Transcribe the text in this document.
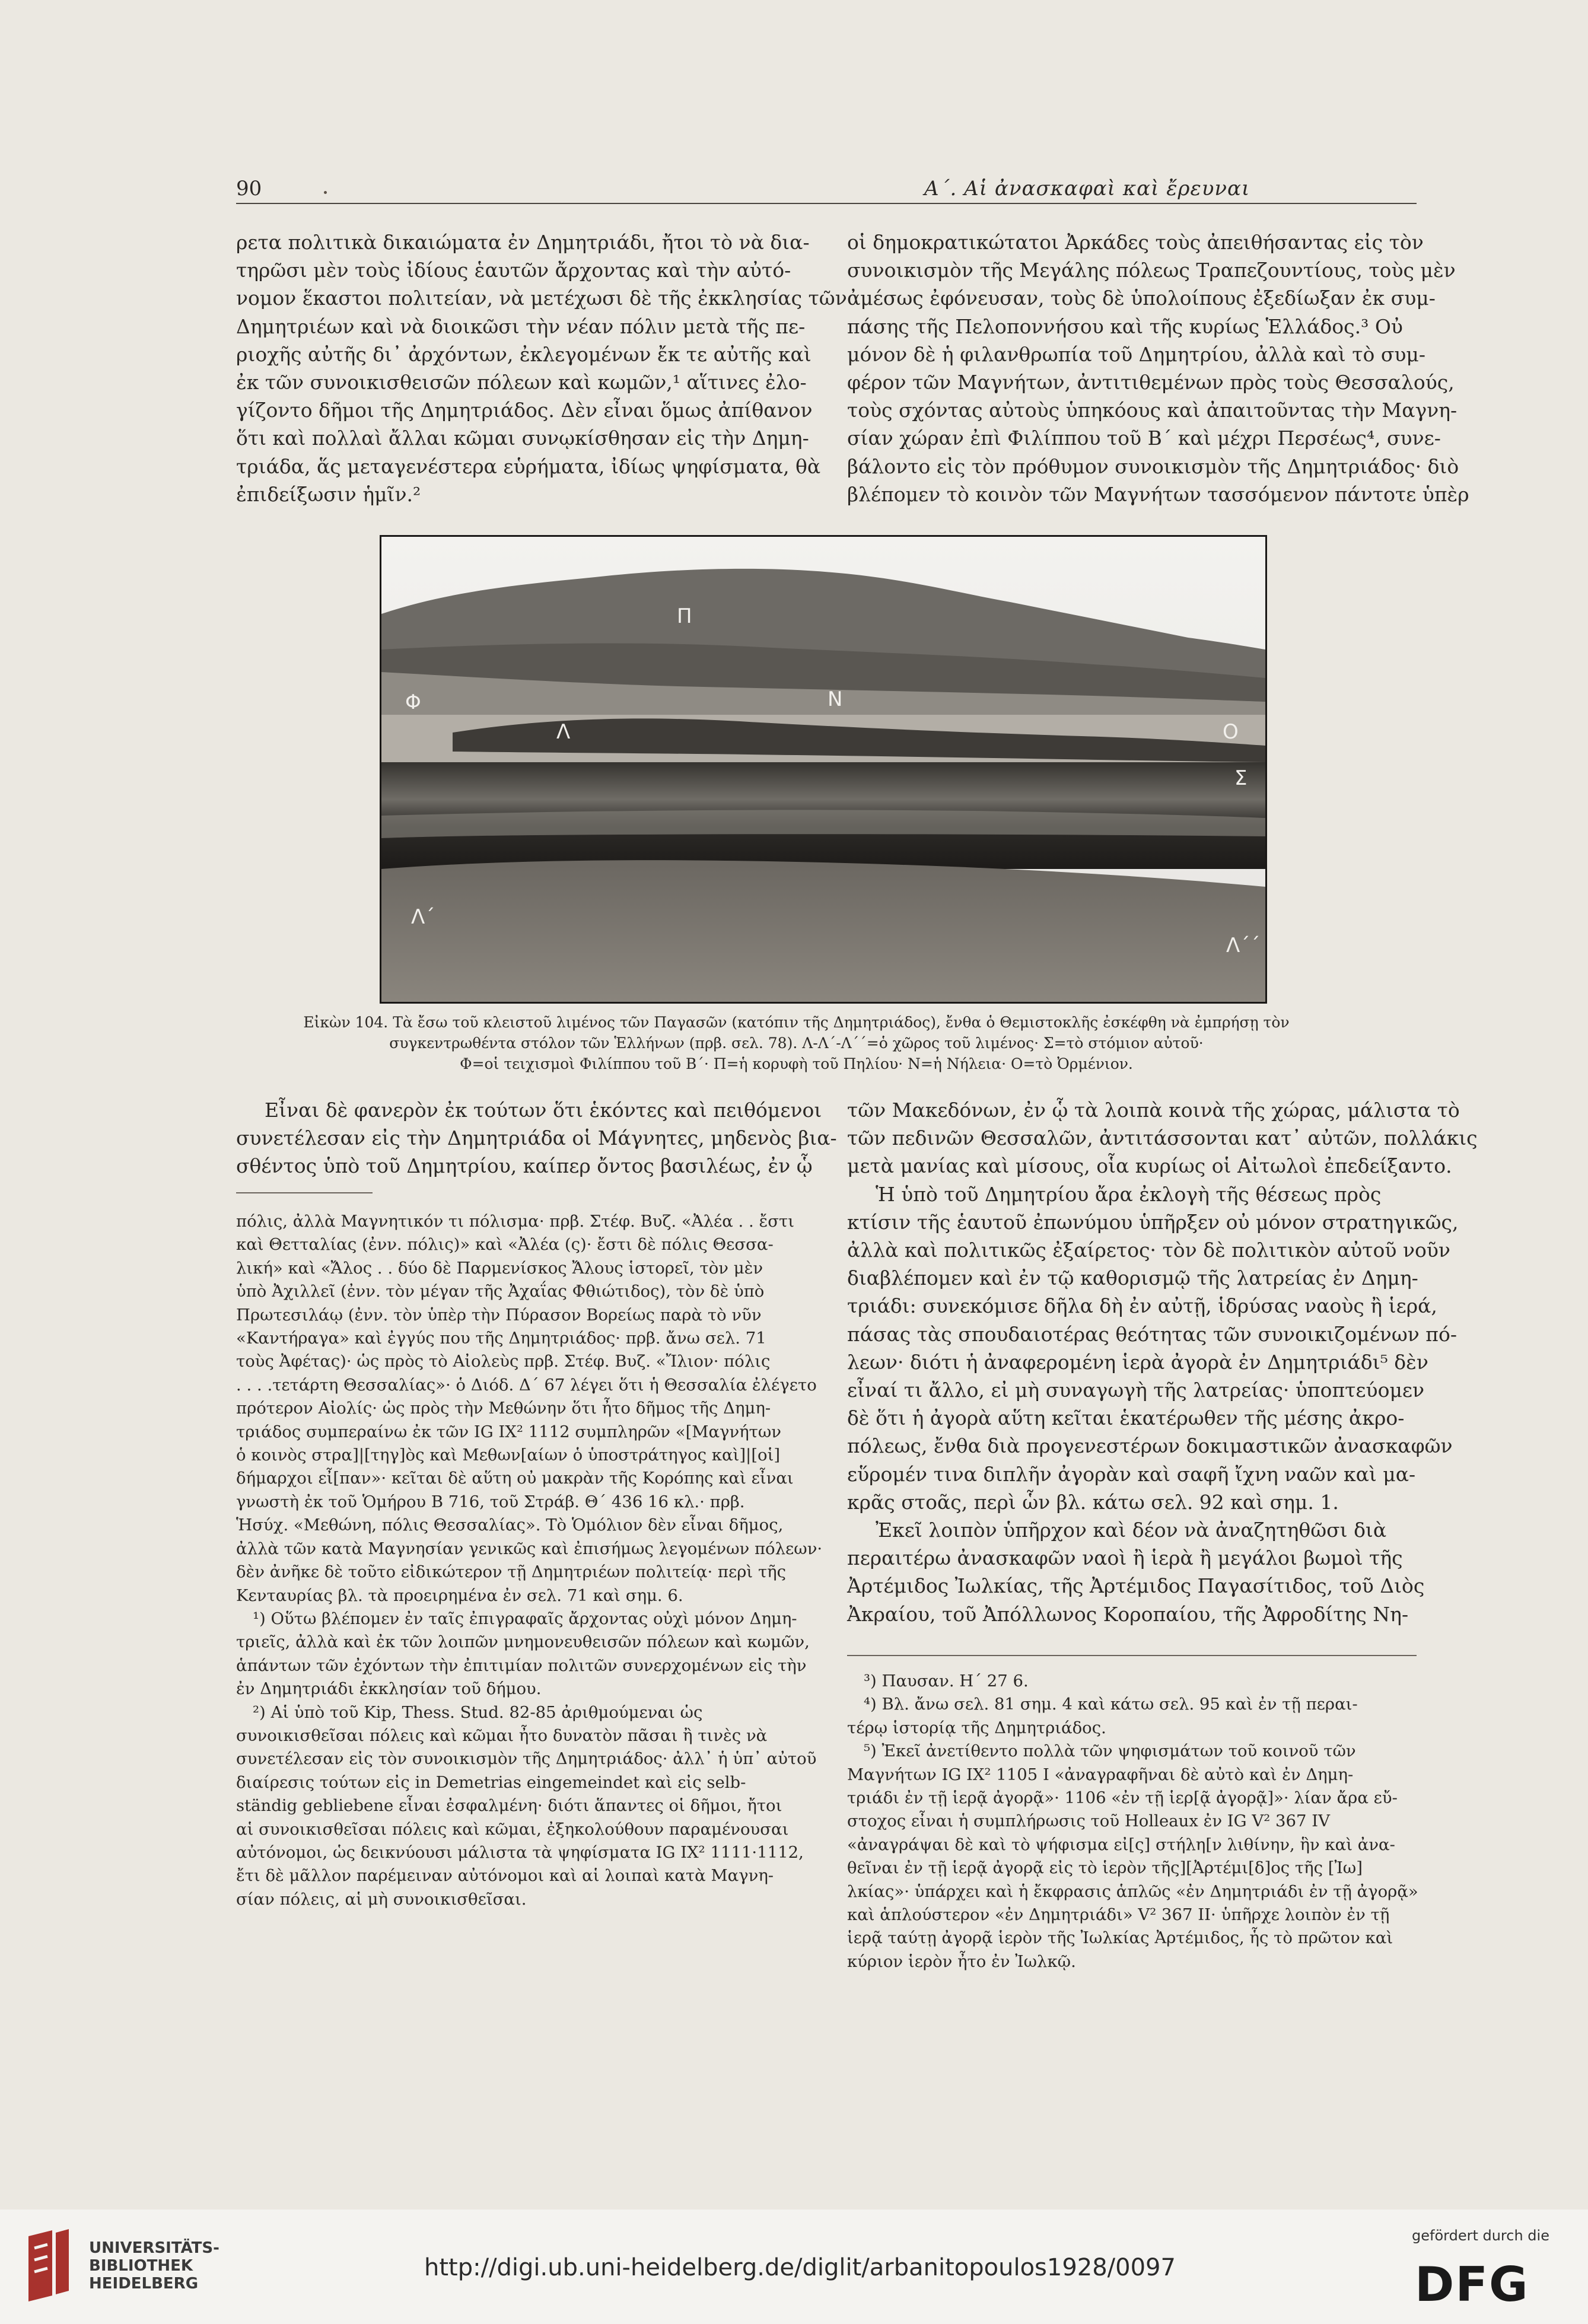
90	Α΄. Αἱ ἀνασκαφαὶ καὶ ἔρευναι

ρετα πολιτικὰ δικαιώματα ἐν Δημητριάδι, ἤτοι τὸ νὰ δια-
τηρῶσι μὲν τοὺς ἰδίους ἑαυτῶν ἄρχοντας καὶ τὴν αὐτό-
νομον ἕκαστοι πολιτείαν, νὰ μετέχωσι δὲ τῆς ἐκκλησίας τῶν
Δημητριέων καὶ νὰ διοικῶσι τὴν νέαν πόλιν μετὰ τῆς πε-
ριοχῆς αὐτῆς δι᾽ ἀρχόντων, ἐκλεγομένων ἔκ τε αὐτῆς καὶ
ἐκ τῶν συνοικισθεισῶν πόλεων καὶ κωμῶν,¹ αἵτινες ἐλο-
γίζοντο δῆμοι τῆς Δημητριάδος. Δὲν εἶναι ὅμως ἀπίθανον
ὅτι καὶ πολλαὶ ἄλλαι κῶμαι συνῳκίσθησαν εἰς τὴν Δημη-
τριάδα, ἅς μεταγενέστερα εὑρήματα, ἰδίως ψηφίσματα, θὰ
ἐπιδείξωσιν ἡμῖν.²

οἱ δημοκρατικώτατοι Ἀρκάδες τοὺς ἀπειθήσαντας εἰς τὸν
συνοικισμὸν τῆς Μεγάλης πόλεως Τραπεζουντίους, τοὺς μὲν
ἀμέσως ἐφόνευσαν, τοὺς δὲ ὑπολοίπους ἐξεδίωξαν ἐκ συμ-
πάσης τῆς Πελοποννήσου καὶ τῆς κυρίως Ἑλλάδος.³ Οὐ
μόνον δὲ ἡ φιλανθρωπία τοῦ Δημητρίου, ἀλλὰ καὶ τὸ συμ-
φέρον τῶν Μαγνήτων, ἀντιτιθεμένων πρὸς τοὺς Θεσσαλούς,
τοὺς σχόντας αὐτοὺς ὑπηκόους καὶ ἀπαιτοῦντας τὴν Μαγνη-
σίαν χώραν ἐπὶ Φιλίππου τοῦ Β΄ καὶ μέχρι Περσέως⁴, συνε-
βάλοντο εἰς τὸν πρόθυμον συνοικισμὸν τῆς Δημητριάδος· διὸ
βλέπομεν τὸ κοινὸν τῶν Μαγνήτων τασσόμενον πάντοτε ὑπὲρ

Π
Φ	Ν
Λ	Ο
Σ
Λ΄
Λ΄΄
Εἰκὼν 104. Τὰ ἔσω τοῦ κλειστοῦ λιμένος τῶν Παγασῶν (κατόπιν τῆς Δημητριάδος), ἔνθα ὁ Θεμιστοκλῆς ἐσκέφθη νὰ ἐμπρήσῃ τὸν
συγκεντρωθέντα στόλον τῶν Ἑλλήνων (πρβ. σελ. 78). Λ-Λ΄-Λ΄΄=ὁ χῶρος τοῦ λιμένος· Σ=τὸ στόμιον αὐτοῦ·
Φ=οἱ τειχισμοὶ Φιλίππου τοῦ Β΄· Π=ἡ κορυφὴ τοῦ Πηλίου· Ν=ἡ Νήλεια· Ο=τὸ Ὀρμένιον.

Εἶναι δὲ φανερὸν ἐκ τούτων ὅτι ἑκόντες καὶ πειθόμενοι
συνετέλεσαν εἰς τὴν Δημητριάδα οἱ Μάγνητες, μηδενὸς βια-
σθέντος ὑπὸ τοῦ Δημητρίου, καίπερ ὄντος βασιλέως, ἐν ᾧ

τῶν Μακεδόνων, ἐν ᾧ τὰ λοιπὰ κοινὰ τῆς χώρας, μάλιστα τὸ
τῶν πεδινῶν Θεσσαλῶν, ἀντιτάσσονται κατ᾽ αὐτῶν, πολλάκις
μετὰ μανίας καὶ μίσους, οἷα κυρίως οἱ Αἰτωλοὶ ἐπεδείξαντο.
Ἡ ὑπὸ τοῦ Δημητρίου ἄρα ἐκλογὴ τῆς θέσεως πρὸς
κτίσιν τῆς ἑαυτοῦ ἐπωνύμου ὑπῆρξεν οὐ μόνον στρατηγικῶς,
ἀλλὰ καὶ πολιτικῶς ἐξαίρετος· τὸν δὲ πολιτικὸν αὐτοῦ νοῦν
διαβλέπομεν καὶ ἐν τῷ καθορισμῷ τῆς λατρείας ἐν Δημη-
τριάδι: συνεκόμισε δῆλα δὴ ἐν αὐτῇ, ἱδρύσας ναοὺς ἢ ἱερά,
πάσας τὰς σπουδαιοτέρας θεότητας τῶν συνοικιζομένων πό-
λεων· διότι ἡ ἀναφερομένη ἱερὰ ἀγορὰ ἐν Δημητριάδι⁵ δὲν
εἶναί τι ἄλλο, εἰ μὴ συναγωγὴ τῆς λατρείας· ὑποπτεύομεν
δὲ ὅτι ἡ ἀγορὰ αὕτη κεῖται ἑκατέρωθεν τῆς μέσης ἀκρο-
πόλεως, ἔνθα διὰ προγενεστέρων δοκιμαστικῶν ἀνασκαφῶν
εὕρομέν τινα διπλῆν ἀγορὰν καὶ σαφῆ ἴχνη ναῶν καὶ μα-
κρᾶς στοᾶς, περὶ ὧν βλ. κάτω σελ. 92 καὶ σημ. 1.
Ἐκεῖ λοιπὸν ὑπῆρχον καὶ δέον νὰ ἀναζητηθῶσι διὰ
περαιτέρω ἀνασκαφῶν ναοὶ ἢ ἱερὰ ἢ μεγάλοι βωμοὶ τῆς
Ἀρτέμιδος Ἰωλκίας, τῆς Ἀρτέμιδος Παγασίτιδος, τοῦ Διὸς
Ἀκραίου, τοῦ Ἀπόλλωνος Κοροπαίου, τῆς Ἀφροδίτης Νη-

πόλις, ἀλλὰ Μαγνητικόν τι πόλισμα· πρβ. Στέφ. Βυζ. «Ἀλέα . . ἔστι
καὶ Θετταλίας (ἐνν. πόλις)» καὶ «Ἀλέα (ς)· ἔστι δὲ πόλις Θεσσα-
λική» καὶ «Ἄλος . . δύο δὲ Παρμενίσκος Ἄλους ἱστορεῖ, τὸν μὲν
ὑπὸ Ἀχιλλεῖ (ἐνν. τὸν μέγαν τῆς Ἀχαΐας Φθιώτιδος), τὸν δὲ ὑπὸ
Πρωτεσιλάῳ (ἐνν. τὸν ὑπὲρ τὴν Πύρασον Βορείως παρὰ τὸ νῦν
«Καντήραγα» καὶ ἐγγύς που τῆς Δημητριάδος· πρβ. ἄνω σελ. 71
τοὺς Ἀφέτας)· ὡς πρὸς τὸ Αἰολεὺς πρβ. Στέφ. Βυζ. «Ἴλιον· πόλις
. . . .τετάρτη Θεσσαλίας»· ὁ Διόδ. Δ΄ 67 λέγει ὅτι ἡ Θεσσαλία ἐλέγετο
πρότερον Αἰολίς· ὡς πρὸς τὴν Μεθώνην ὅτι ἦτο δῆμος τῆς Δημη-
τριάδος συμπεραίνω ἐκ τῶν IG IX² 1112 συμπληρῶν «[Μαγνήτων
ὁ κοινὸς στρα]|[τηγ]ὸς καὶ Μεθων[αίων ὁ ὑποστράτηγος καὶ]|[οἱ]
δήμαρχοι εἶ[παν»· κεῖται δὲ αὕτη οὐ μακρὰν τῆς Κορόπης καὶ εἶναι
γνωστὴ ἐκ τοῦ Ὁμήρου Β 716, τοῦ Στράβ. Θ΄ 436 16 κλ.· πρβ.
Ἡσύχ. «Μεθώνη, πόλις Θεσσαλίας». Τὸ Ὁμόλιον δὲν εἶναι δῆμος,
ἀλλὰ τῶν κατὰ Μαγνησίαν γενικῶς καὶ ἐπισήμως λεγομένων πόλεων·
δὲν ἀνῆκε δὲ τοῦτο εἰδικώτερον τῇ Δημητριέων πολιτείᾳ· περὶ τῆς
Κενταυρίας βλ. τὰ προειρημένα ἐν σελ. 71 καὶ σημ. 6.
¹) Οὕτω βλέπομεν ἐν ταῖς ἐπιγραφαῖς ἄρχοντας οὐχὶ μόνον Δημη-
τριεῖς, ἀλλὰ καὶ ἐκ τῶν λοιπῶν μνημονευθεισῶν πόλεων καὶ κωμῶν,
ἁπάντων τῶν ἐχόντων τὴν ἐπιτιμίαν πολιτῶν συνερχομένων εἰς τὴν
ἐν Δημητριάδι ἐκκλησίαν τοῦ δήμου.
²) Αἱ ὑπὸ τοῦ Kip, Thess. Stud. 82-85 ἀριθμούμεναι ὡς
συνοικισθεῖσαι πόλεις καὶ κῶμαι ἦτο δυνατὸν πᾶσαι ἢ τινὲς νὰ
συνετέλεσαν εἰς τὸν συνοικισμὸν τῆς Δημητριάδος· ἀλλ᾽ ἡ ὑπ᾽ αὐτοῦ
διαίρεσις τούτων εἰς in Demetrias eingemeindet καὶ εἰς selb-
ständig gebliebene εἶναι ἐσφαλμένη· διότι ἅπαντες οἱ δῆμοι, ἤτοι
αἱ συνοικισθεῖσαι πόλεις καὶ κῶμαι, ἐξηκολούθουν παραμένουσαι
αὐτόνομοι, ὡς δεικνύουσι μάλιστα τὰ ψηφίσματα IG IX² 1111·1112,
ἔτι δὲ μᾶλλον παρέμειναν αὐτόνομοι καὶ αἱ λοιπαὶ κατὰ Μαγνη-
σίαν πόλεις, αἱ μὴ συνοικισθεῖσαι.
³) Παυσαν. Η΄ 27 6.
⁴) Βλ. ἄνω σελ. 81 σημ. 4 καὶ κάτω σελ. 95 καὶ ἐν τῇ περαι-
τέρῳ ἱστορίᾳ τῆς Δημητριάδος.
⁵) Ἐκεῖ ἀνετίθεντο πολλὰ τῶν ψηφισμάτων τοῦ κοινοῦ τῶν
Μαγνήτων IG IX² 1105 I «ἀναγραφῆναι δὲ αὐτὸ καὶ ἐν Δημη-
τριάδι ἐν τῇ ἱερᾷ ἀγορᾷ»· 1106 «ἐν τῇ ἱερ[ᾷ ἀγορᾷ]»· λίαν ἄρα εὔ-
στοχος εἶναι ἡ συμπλήρωσις τοῦ Holleaux ἐν IG V² 367 IV
«ἀναγράψαι δὲ καὶ τὸ ψήφισμα εἰ[ς] στήλη[ν λιθίνην, ἣν καὶ ἀνα-
θεῖναι ἐν τῇ ἱερᾷ ἀγορᾷ εἰς τὸ ἱερὸν τῆς][Ἀρτέμι[δ]ος τῆς [Ἰω]
λκίας»· ὑπάρχει καὶ ἡ ἔκφρασις ἁπλῶς «ἐν Δημητριάδι ἐν τῇ ἀγορᾷ»
καὶ ἁπλούστερον «ἐν Δημητριάδι» V² 367 II· ὑπῆρχε λοιπὸν ἐν τῇ
ἱερᾷ ταύτῃ ἀγορᾷ ἱερὸν τῆς Ἰωλκίας Ἀρτέμιδος, ἧς τὸ πρῶτον καὶ
κύριον ἱερὸν ἦτο ἐν Ἰωλκῷ.
UNIVERSITÄTS-
BIBLIOTHEK
HEIDELBERG
http://digi.ub.uni-heidelberg.de/diglit/arbanitopoulos1928/0097
gefördert durch die
DFG
